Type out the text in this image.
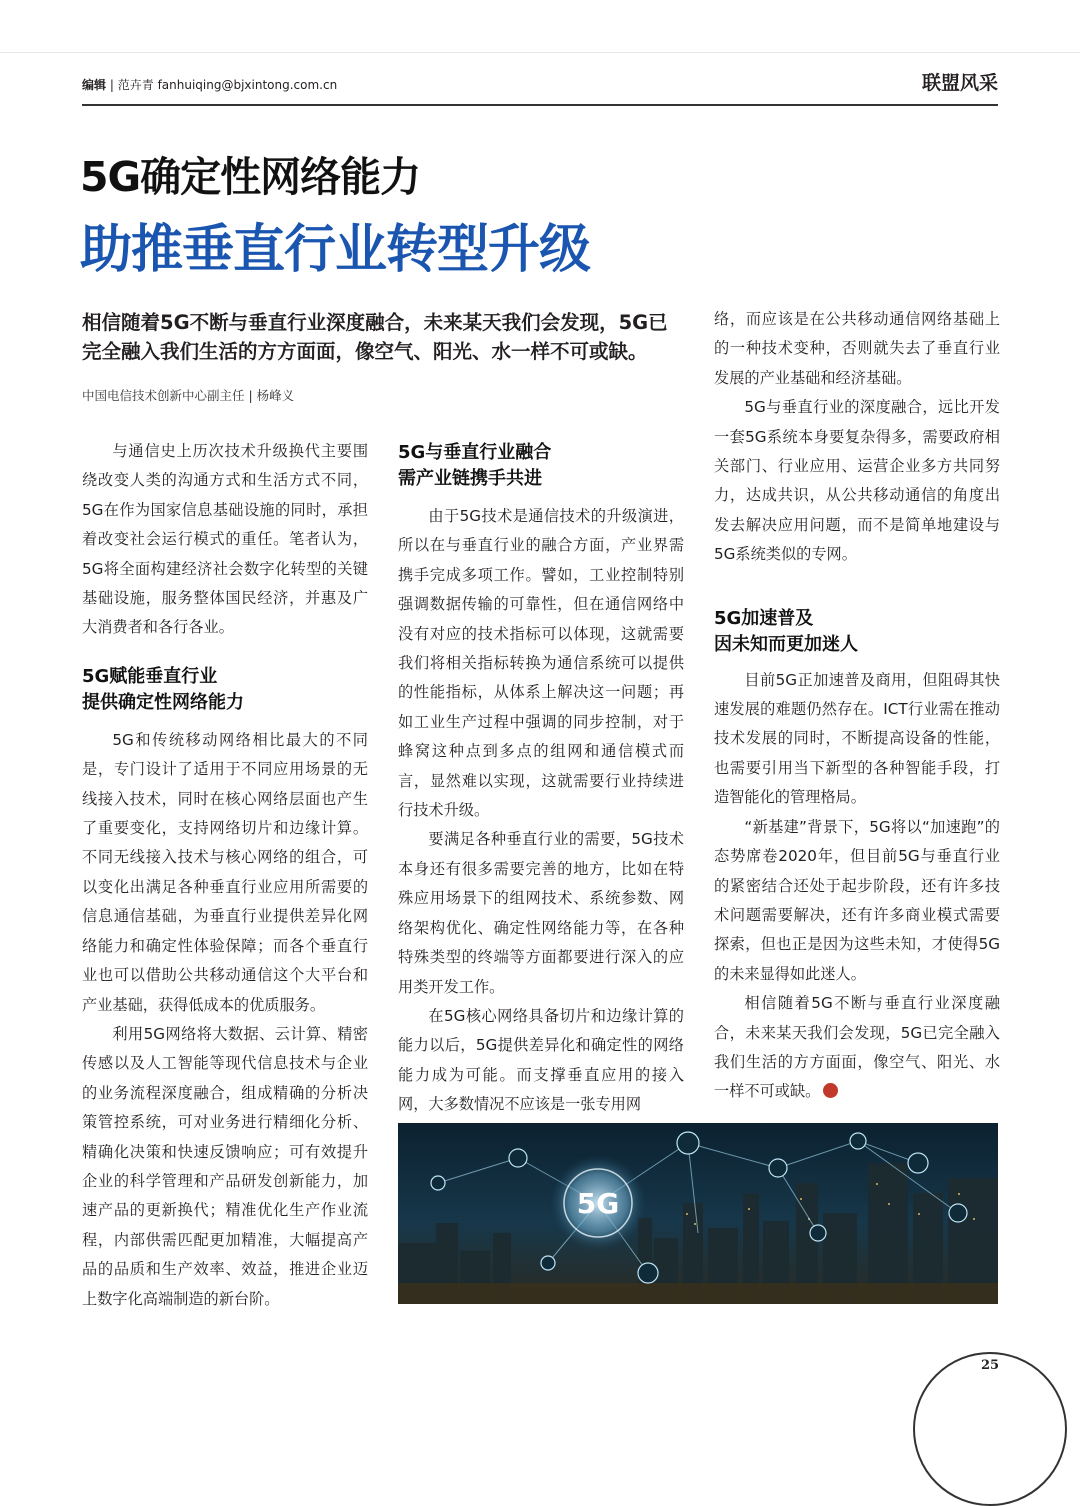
编辑 | 范卉青 fanhuiqing@bjxintong.com.cn	联盟风采
5G确定性网络能力
助推垂直行业转型升级

相信随着5G不断与垂直行业深度融合，未来某天我们会发现，5G已完全融入我们生活的方方面面，像空气、阳光、水一样不可或缺。

中国电信技术创新中心副主任 | 杨峰义

与通信史上历次技术升级换代主要围绕改变人类的沟通方式和生活方式不同，5G在作为国家信息基础设施的同时，承担着改变社会运行模式的重任。笔者认为，5G将全面构建经济社会数字化转型的关键基础设施，服务整体国民经济，并惠及广大消费者和各行各业。

5G赋能垂直行业
提供确定性网络能力

5G和传统移动网络相比最大的不同是，专门设计了适用于不同应用场景的无线接入技术，同时在核心网络层面也产生了重要变化，支持网络切片和边缘计算。不同无线接入技术与核心网络的组合，可以变化出满足各种垂直行业应用所需要的信息通信基础，为垂直行业提供差异化网络能力和确定性体验保障；而各个垂直行业也可以借助公共移动通信这个大平台和产业基础，获得低成本的优质服务。

利用5G网络将大数据、云计算、精密传感以及人工智能等现代信息技术与企业的业务流程深度融合，组成精确的分析决策管控系统，可对业务进行精细化分析、精确化决策和快速反馈响应；可有效提升企业的科学管理和产品研发创新能力，加速产品的更新换代；精准优化生产作业流程，内部供需匹配更加精准，大幅提高产品的品质和生产效率、效益，推进企业迈上数字化高端制造的新台阶。

5G与垂直行业融合
需产业链携手共进

由于5G技术是通信技术的升级演进，所以在与垂直行业的融合方面，产业界需携手完成多项工作。譬如，工业控制特别强调数据传输的可靠性，但在通信网络中没有对应的技术指标可以体现，这就需要我们将相关指标转换为通信系统可以提供的性能指标，从体系上解决这一问题；再如工业生产过程中强调的同步控制，对于蜂窝这种点到多点的组网和通信模式而言，显然难以实现，这就需要行业持续进行技术升级。

要满足各种垂直行业的需要，5G技术本身还有很多需要完善的地方，比如在特殊应用场景下的组网技术、系统参数、网络架构优化、确定性网络能力等，在各种特殊类型的终端等方面都要进行深入的应用类开发工作。

在5G核心网络具备切片和边缘计算的能力以后，5G提供差异化和确定性的网络能力成为可能。而支撑垂直应用的接入网，大多数情况不应该是一张专用网

络，而应该是在公共移动通信网络基础上的一种技术变种，否则就失去了垂直行业发展的产业基础和经济基础。

5G与垂直行业的深度融合，远比开发一套5G系统本身要复杂得多，需要政府相关部门、行业应用、运营企业多方共同努力，达成共识，从公共移动通信的角度出发去解决应用问题，而不是简单地建设与5G系统类似的专网。

5G加速普及
因未知而更加迷人

目前5G正加速普及商用，但阻碍其快速发展的难题仍然存在。ICT行业需在推动技术发展的同时，不断提高设备的性能，也需要引用当下新型的各种智能手段，打造智能化的管理格局。

“新基建”背景下，5G将以“加速跑”的态势席卷2020年，但目前5G与垂直行业的紧密结合还处于起步阶段，还有许多技术问题需要解决，还有许多商业模式需要探索，但也正是因为这些未知，才使得5G的未来显得如此迷人。

相信随着5G不断与垂直行业深度融合，未来某天我们会发现，5G已完全融入我们生活的方方面面，像空气、阳光、水一样不可或缺。

5G
25
